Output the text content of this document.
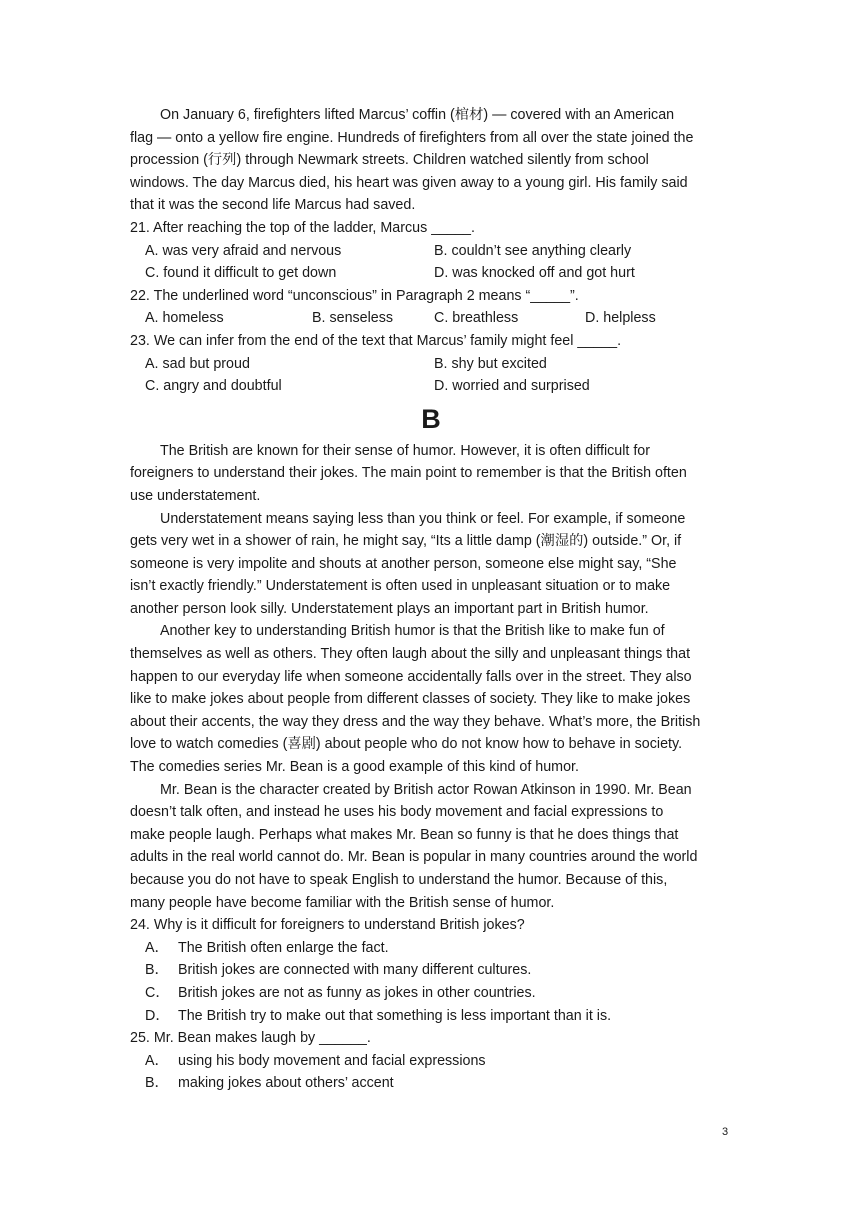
On January 6, firefighters lifted Marcus’ coffin (棺材) — covered with an American
flag — onto a yellow fire engine. Hundreds of firefighters from all over the state joined the
procession (行列) through Newmark streets. Children watched silently from school
windows. The day Marcus died, his heart was given away to a young girl. His family said
that it was the second life Marcus had saved.
21. After reaching the top of the ladder, Marcus _____.
A. was very afraid and nervous	B. couldn’t see anything clearly
C. found it difficult to get down	D. was knocked off and got hurt
22. The underlined word “unconscious” in Paragraph 2 means “_____”.
A. homeless	B. senseless	C. breathless	D. helpless
23. We can infer from the end of the text that Marcus’ family might feel _____.
A. sad but proud	B. shy but excited
C. angry and doubtful	D. worried and surprised
B
The British are known for their sense of humor. However, it is often difficult for
foreigners to understand their jokes. The main point to remember is that the British often
use understatement.
Understatement means saying less than you think or feel. For example, if someone
gets very wet in a shower of rain, he might say, “Its a little damp (潮湿的) outside.” Or, if
someone is very impolite and shouts at another person, someone else might say, “She
isn’t exactly friendly.” Understatement is often used in unpleasant situation or to make
another person look silly. Understatement plays an important part in British humor.
Another key to understanding British humor is that the British like to make fun of
themselves as well as others. They often laugh about the silly and unpleasant things that
happen to our everyday life when someone accidentally falls over in the street. They also
like to make jokes about people from different classes of society. They like to make jokes
about their accents, the way they dress and the way they behave. What’s more, the British
love to watch comedies (喜剧) about people who do not know how to behave in society.
The comedies series Mr. Bean is a good example of this kind of humor.
Mr. Bean is the character created by British actor Rowan Atkinson in 1990. Mr. Bean
doesn’t talk often, and instead he uses his body movement and facial expressions to
make people laugh. Perhaps what makes Mr. Bean so funny is that he does things that
adults in the real world cannot do. Mr. Bean is popular in many countries around the world
because you do not have to speak English to understand the humor. Because of this,
many people have become familiar with the British sense of humor.
24. Why is it difficult for foreigners to understand British jokes?
A． The British often enlarge the fact.
B． British jokes are connected with many different cultures.
C． British jokes are not as funny as jokes in other countries.
D． The British try to make out that something is less important than it is.
25. Mr. Bean makes laugh by ______.
A． using his body movement and facial expressions
B． making jokes about others’ accent
3
